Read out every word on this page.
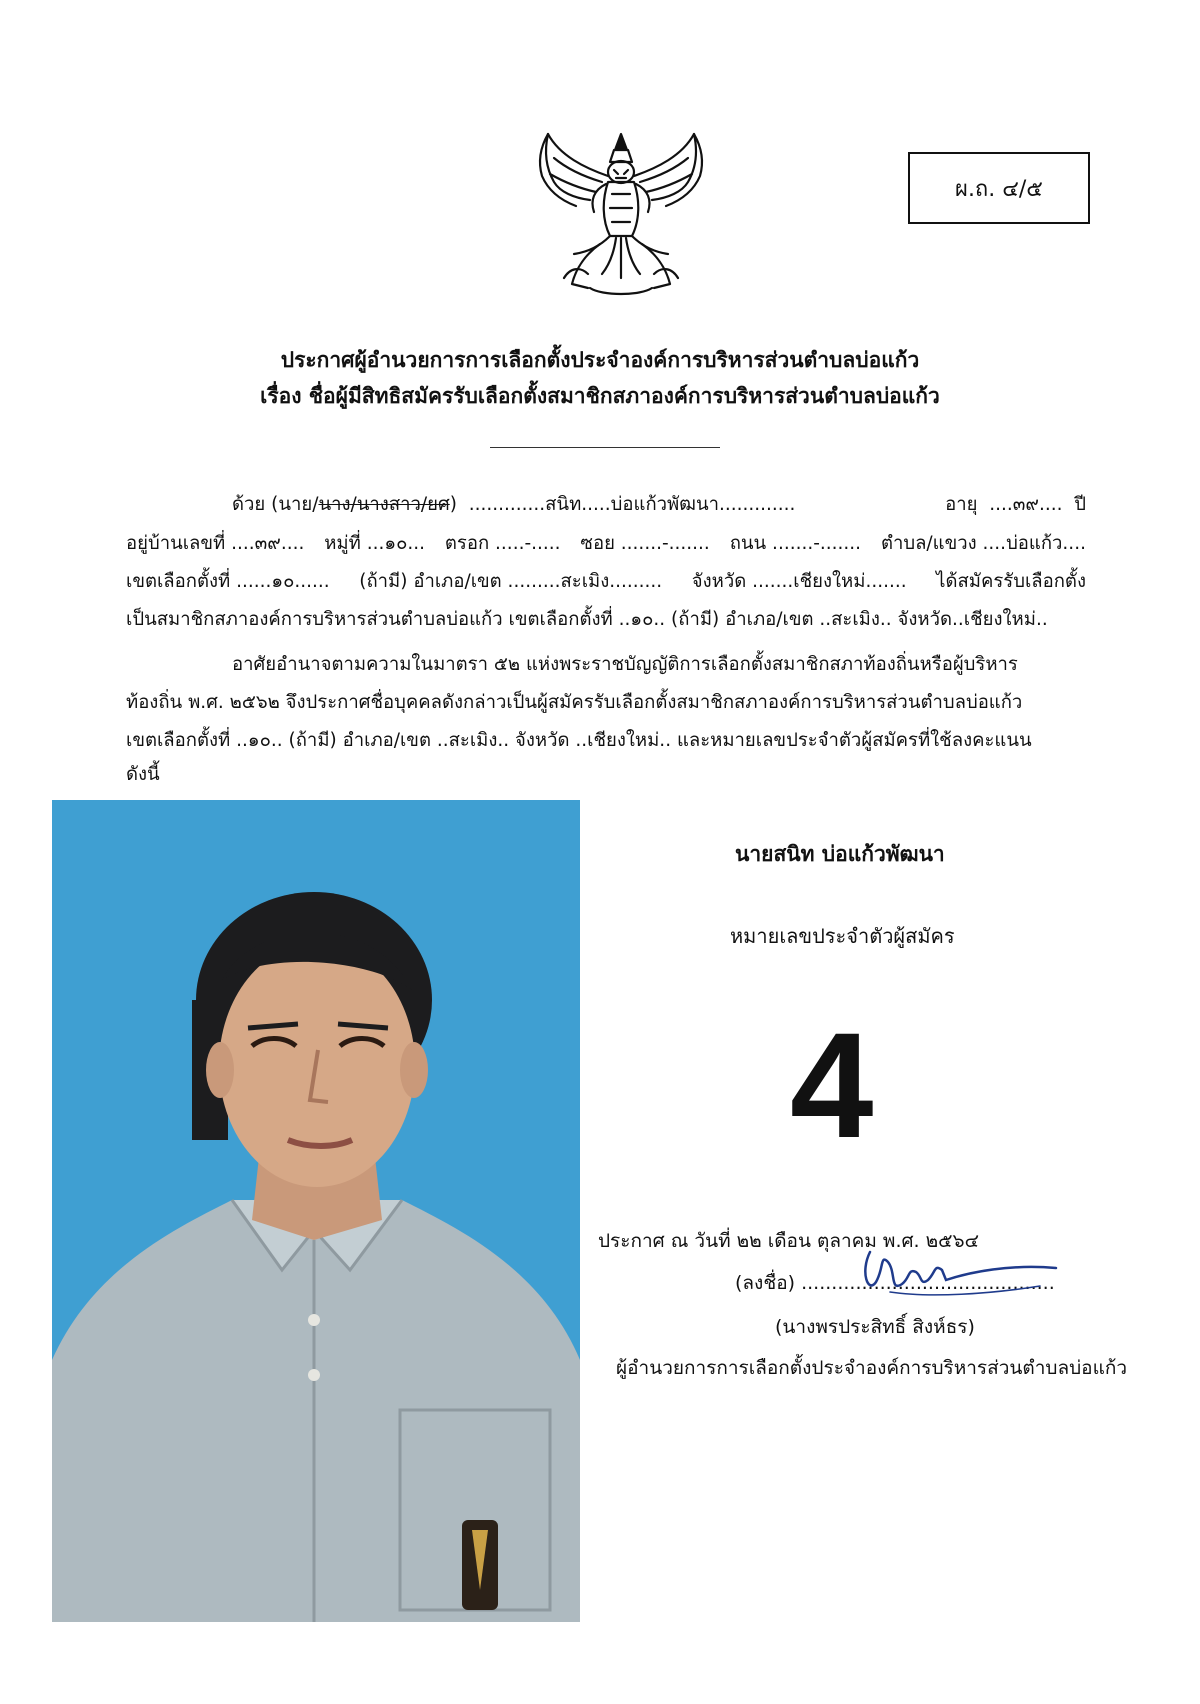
ผ.ถ. ๔/๕
ประกาศผู้อำนวยการการเลือกตั้งประจำองค์การบริหารส่วนตำบลบ่อแก้ว
เรื่อง ชื่อผู้มีสิทธิสมัครรับเลือกตั้งสมาชิกสภาองค์การบริหารส่วนตำบลบ่อแก้ว
ด้วย (นาย/นาง/นางสาว/ยศ)  .............สนิท.....บ่อแก้วพัฒนา.............	อายุ  ....๓๙....  ปี
อยู่บ้านเลขที่ ....๓๙.... หมู่ที่ ...๑๐... ตรอก .....-..... ซอย .......-....... ถนน .......-....... ตำบล/แขวง ....บ่อแก้ว....
เขตเลือกตั้งที่ ......๑๐...... (ถ้ามี) อำเภอ/เขต .........สะเมิง......... จังหวัด .......เชียงใหม่....... ได้สมัครรับเลือกตั้ง
เป็นสมาชิกสภาองค์การบริหารส่วนตำบลบ่อแก้ว เขตเลือกตั้งที่ ..๑๐.. (ถ้ามี) อำเภอ/เขต ..สะเมิง.. จังหวัด..เชียงใหม่..
อาศัยอำนาจตามความในมาตรา ๕๒ แห่งพระราชบัญญัติการเลือกตั้งสมาชิกสภาท้องถิ่นหรือผู้บริหาร
ท้องถิ่น พ.ศ. ๒๕๖๒ จึงประกาศชื่อบุคคลดังกล่าวเป็นผู้สมัครรับเลือกตั้งสมาชิกสภาองค์การบริหารส่วนตำบลบ่อแก้ว
เขตเลือกตั้งที่ ..๑๐.. (ถ้ามี) อำเภอ/เขต ..สะเมิง.. จังหวัด ..เชียงใหม่.. และหมายเลขประจำตัวผู้สมัครที่ใช้ลงคะแนน
ดังนี้
นายสนิท บ่อแก้วพัฒนา
หมายเลขประจำตัวผู้สมัคร
4
ประกาศ ณ วันที่ ๒๒ เดือน ตุลาคม พ.ศ. ๒๕๖๔
(ลงชื่อ) ..........................................
(นางพรประสิทธิ์ สิงห์ธร)
ผู้อำนวยการการเลือกตั้งประจำองค์การบริหารส่วนตำบลบ่อแก้ว
